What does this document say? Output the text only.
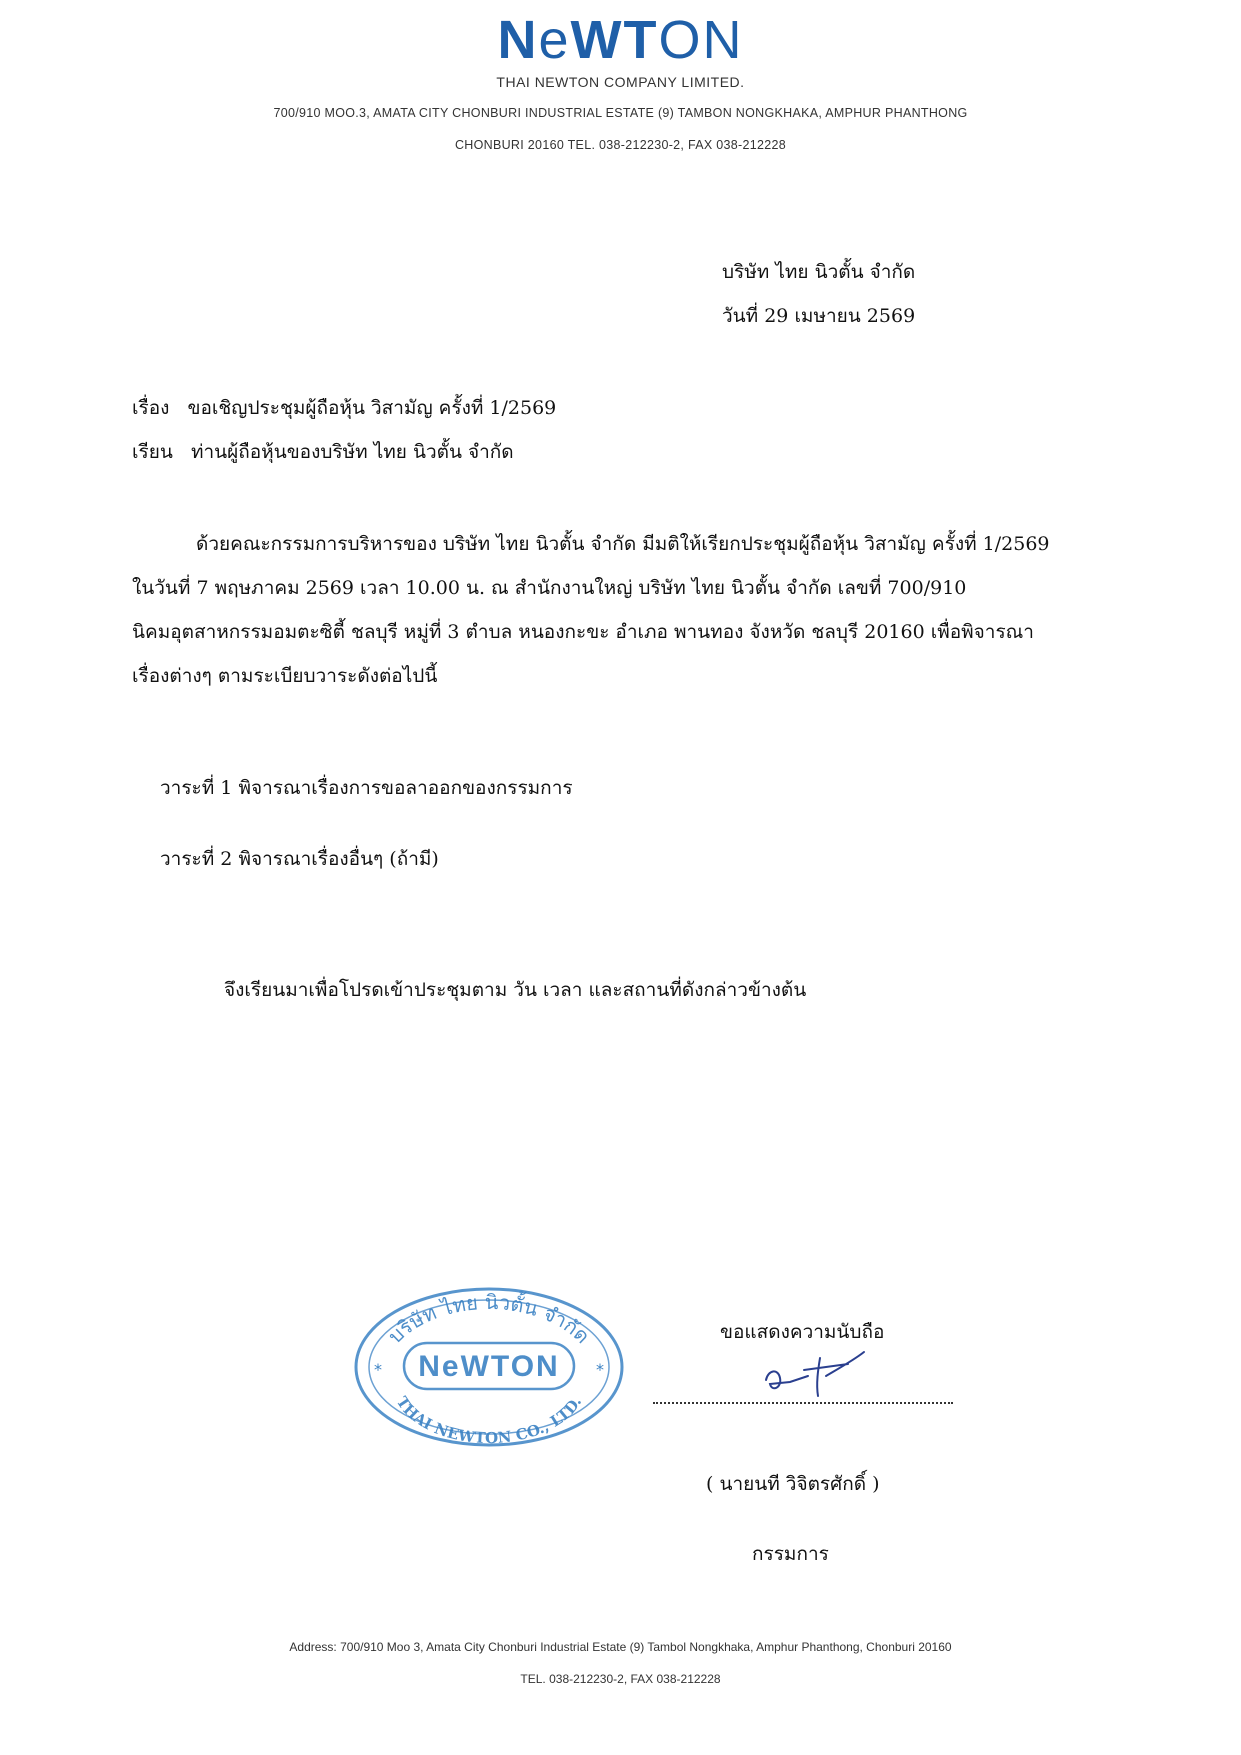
NeWTON
THAI NEWTON COMPANY LIMITED.
700/910 MOO.3, AMATA CITY CHONBURI INDUSTRIAL ESTATE (9) TAMBON NONGKHAKA, AMPHUR PHANTHONG
CHONBURI 20160 TEL. 038-212230-2, FAX 038-212228
บริษัท ไทย นิวตั้น จำกัด
วันที่ 29 เมษายน 2569
เรื่อง ขอเชิญประชุมผู้ถือหุ้น วิสามัญ ครั้งที่ 1/2569
เรียน ท่านผู้ถือหุ้นของบริษัท ไทย นิวตั้น จำกัด
ด้วยคณะกรรมการบริหารของ บริษัท ไทย นิวตั้น จำกัด มีมติให้เรียกประชุมผู้ถือหุ้น วิสามัญ ครั้งที่ 1/2569
ในวันที่ 7 พฤษภาคม 2569 เวลา 10.00 น. ณ สำนักงานใหญ่ บริษัท ไทย นิวตั้น จำกัด เลขที่ 700/910
นิคมอุตสาหกรรมอมตะซิตี้ ชลบุรี หมู่ที่ 3 ตำบล หนองกะขะ อำเภอ พานทอง จังหวัด ชลบุรี 20160 เพื่อพิจารณา
เรื่องต่างๆ ตามระเบียบวาระดังต่อไปนี้
วาระที่ 1 พิจารณาเรื่องการขอลาออกของกรรมการ
วาระที่ 2 พิจารณาเรื่องอื่นๆ (ถ้ามี)
จึงเรียนมาเพื่อโปรดเข้าประชุมตาม วัน เวลา และสถานที่ดังกล่าวข้างต้น
บริษัท ไทย นิวตั้น จำกัด
NeWTON
THAI NEWTON CO., LTD.
*	*
ขอแสดงความนับถือ
( นายนที วิจิตรศักดิ์ )
กรรมการ
Address: 700/910 Moo 3, Amata City Chonburi Industrial Estate (9) Tambol Nongkhaka, Amphur Phanthong, Chonburi 20160
TEL. 038-212230-2, FAX 038-212228
